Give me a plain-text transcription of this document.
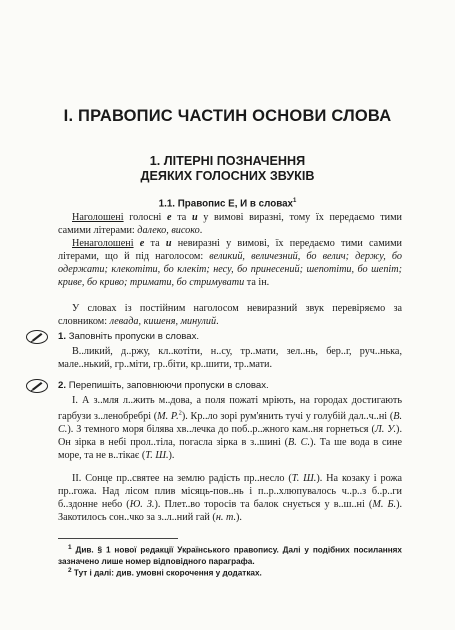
I. ПРАВОПИС ЧАСТИН ОСНОВИ СЛОВА
1. ЛІТЕРНІ ПОЗНАЧЕННЯ
ДЕЯКИХ ГОЛОСНИХ ЗВУКІВ
1.1. Правопис Е, И в словах$^1$
Наголошені голосні е та и у вимові виразні, тому їх передаємо тими самими літерами: далеко, високо.
Ненаголошені е та и невиразні у вимові, їх передаємо тими самими літерами, що й під наголосом: великий, величезний, бо велич; держу, бо одержати; клекотіти, бо клекіт; несу, бо принесений; шепотіти, бо шепіт; криве, бо криво; тримати, бо стримувати та ін.
У словах із постійним наголосом невиразний звук перевіряємо за словником: левада, кишеня, минулий.
1. Заповніть пропуски в словах.
В..ликий, д..ржу, кл..котіти, н..су, тр..мати, зел..нь, бер..г, руч..нька, мале..нький, гр..міти, гр..біти, кр..шити, тр..мати.
2. Перепишіть, заповнюючи пропуски в словах.
I. А з..мля л..жить м..дова, а поля пожаті мріють, на городах достигають гарбузи з..ленобребрі (М. Р.$^2$). Кр..ло зорі рум'янить тучі у голубій дал..ч..ні (В. С.). З темного моря білява хв..лечка до поб..р..жного кам..ня горнеться (Л. У.). Он зірка в небі прол..тіла, погасла зірка в з..шині (В. С.). Та ше вода в сине море, та не в..тікає (Т. Ш.).
II. Сонце пр..святее на землю радість пр..несло (Т. Ш.). На козаку і рожа пр..гожа. Над лісом плив місяць-пов..нь і п..р..хлюпувалось ч..р..з б..р..ги б..здонне небо (Ю. З.). Плет..во торосів та балок снується у в..ш..ні (М. Б.). Закотилось сон..чко за з..л..ний гай (н. т.).
$^1$ Див. § 1 нової редакції Українського правопису. Далі у подібних посиланнях зазначено лише номер відповідного параграфа.
$^2$ Тут і далі: див. умовні скорочення у додатках.
